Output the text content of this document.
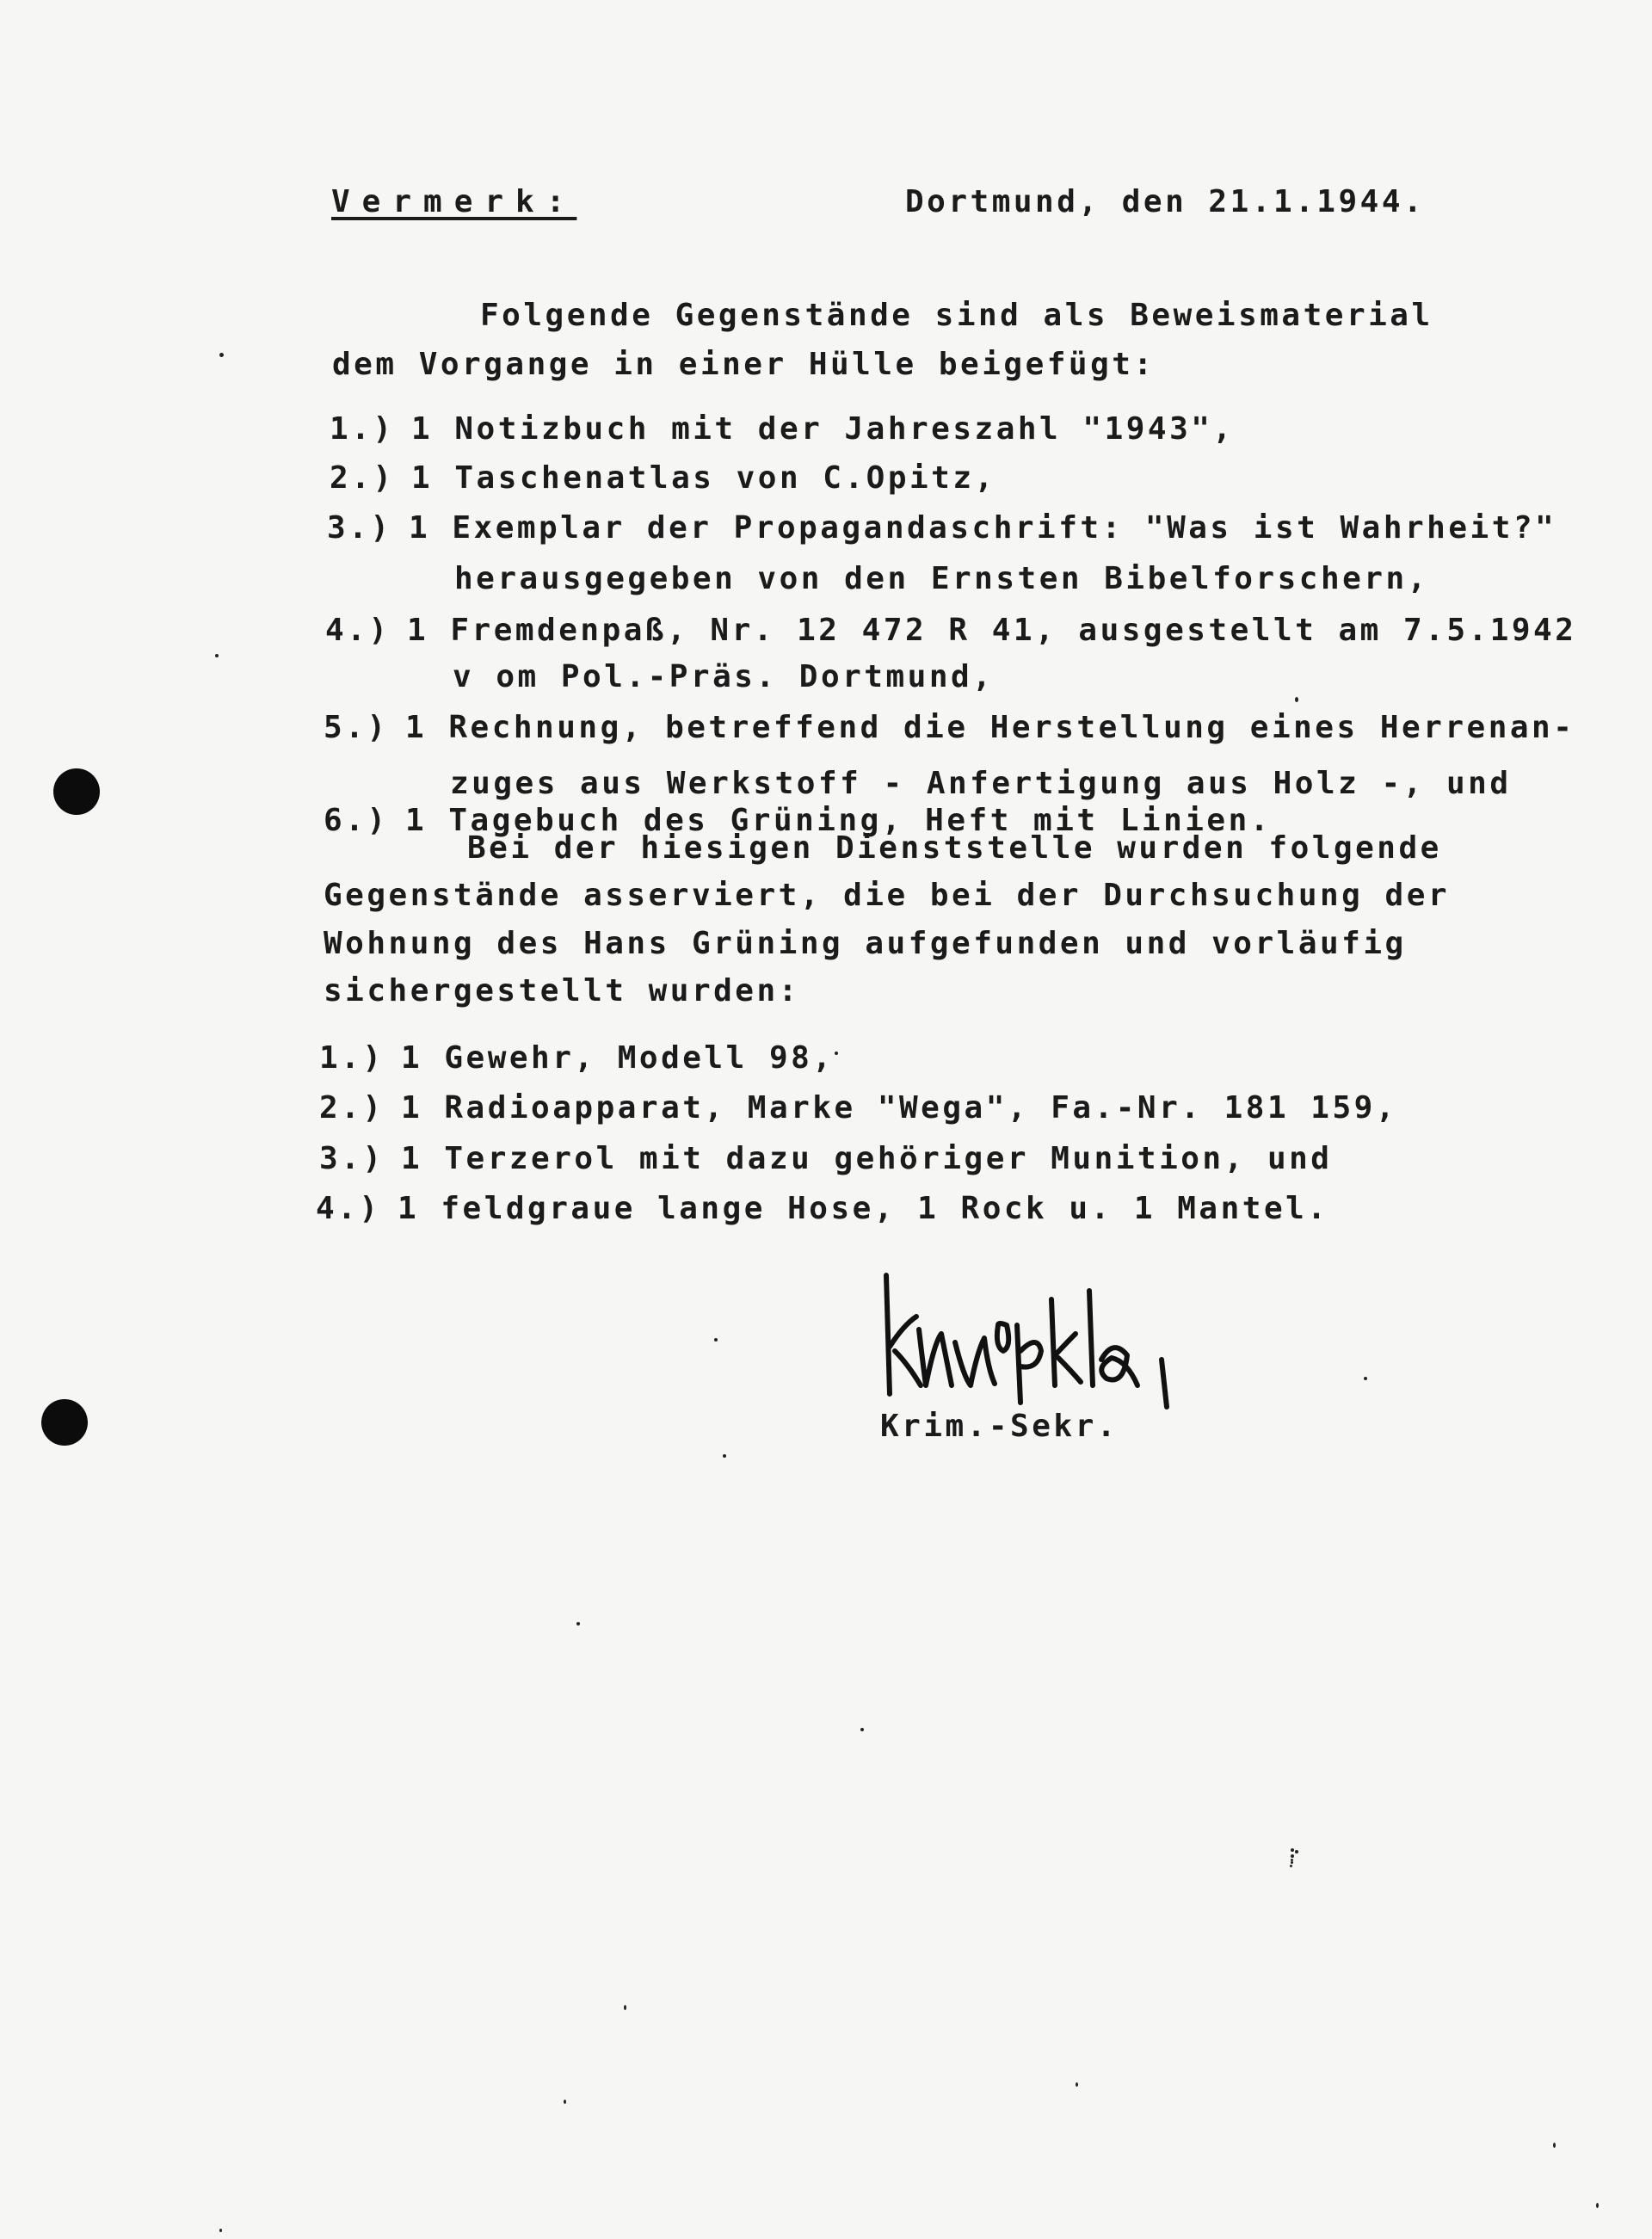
Vermerk:	Dortmund, den 21.1.1944.
Folgende Gegenstände sind als Beweismaterial
dem Vorgange in einer Hülle beigefügt:
1.) 1 Notizbuch mit der Jahreszahl "1943",
2.) 1 Taschenatlas von C.Opitz,
3.) 1 Exemplar der Propagandaschrift: "Was ist Wahrheit?"
herausgegeben von den Ernsten Bibelforschern,
4.) 1 Fremdenpaß, Nr. 12 472 R 41, ausgestellt am 7.5.1942
v om Pol.-Präs. Dortmund,
5.) 1 Rechnung, betreffend die Herstellung eines Herrenan-
zuges aus Werkstoff - Anfertigung aus Holz -, und
6.) 1 Tagebuch des Grüning, Heft mit Linien.
Bei der hiesigen Dienststelle wurden folgende
Gegenstände asserviert, die bei der Durchsuchung der
Wohnung des Hans Grüning aufgefunden und vorläufig
sichergestellt wurden:
1.) 1 Gewehr, Modell 98,
2.) 1 Radioapparat, Marke "Wega", Fa.-Nr. 181 159,
3.) 1 Terzerol mit dazu gehöriger Munition, und
4.) 1 feldgraue lange Hose, 1 Rock u. 1 Mantel.
Krim.-Sekr.
